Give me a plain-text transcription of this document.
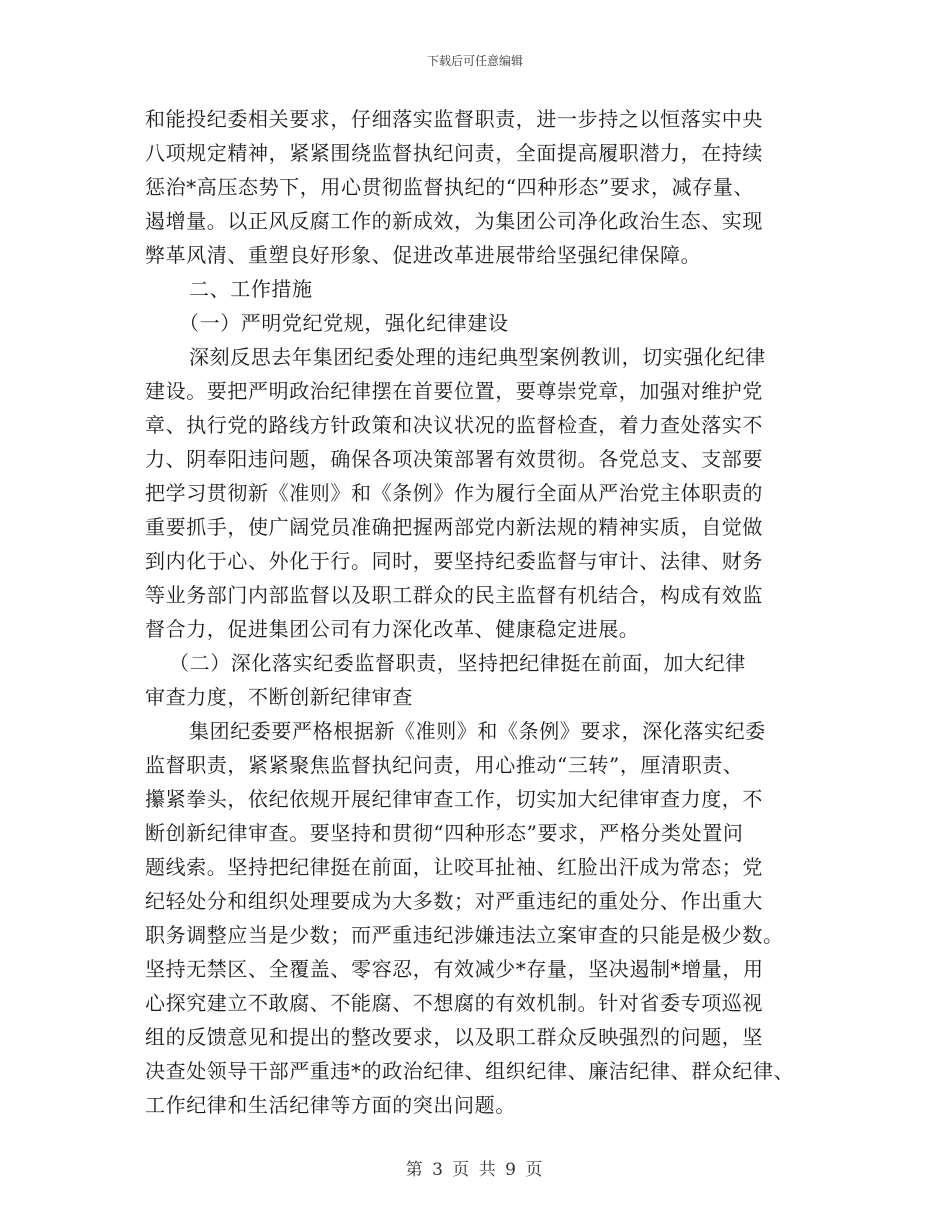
下载后可任意编辑
和能投纪委相关要求，仔细落实监督职责，进一步持之以恒落实中央
八项规定精神，紧紧围绕监督执纪问责，全面提高履职潜力，在持续
惩治*高压态势下，用心贯彻监督执纪的“四种形态”要求，减存量、
遏增量。以正风反腐工作的新成效，为集团公司净化政治生态、实现
弊革风清、重塑良好形象、促进改革进展带给坚强纪律保障。
二、工作措施
（一）严明党纪党规，强化纪律建设
深刻反思去年集团纪委处理的违纪典型案例教训，切实强化纪律
建设。要把严明政治纪律摆在首要位置，要尊崇党章，加强对维护党
章、执行党的路线方针政策和决议状况的监督检查，着力查处落实不
力、阴奉阳违问题，确保各项决策部署有效贯彻。各党总支、支部要
把学习贯彻新《准则》和《条例》作为履行全面从严治党主体职责的
重要抓手，使广阔党员准确把握两部党内新法规的精神实质，自觉做
到内化于心、外化于行。同时，要坚持纪委监督与审计、法律、财务
等业务部门内部监督以及职工群众的民主监督有机结合，构成有效监
督合力，促进集团公司有力深化改革、健康稳定进展。
（二）深化落实纪委监督职责，坚持把纪律挺在前面，加大纪律
审查力度，不断创新纪律审查
集团纪委要严格根据新《准则》和《条例》要求，深化落实纪委
监督职责，紧紧聚焦监督执纪问责，用心推动“三转”，厘清职责、
攥紧拳头，依纪依规开展纪律审查工作，切实加大纪律审查力度，不
断创新纪律审查。要坚持和贯彻“四种形态”要求，严格分类处置问
题线索。坚持把纪律挺在前面，让咬耳扯袖、红脸出汗成为常态；党
纪轻处分和组织处理要成为大多数；对严重违纪的重处分、作出重大
职务调整应当是少数；而严重违纪涉嫌违法立案审查的只能是极少数。
坚持无禁区、全覆盖、零容忍，有效减少*存量，坚决遏制*增量，用
心探究建立不敢腐、不能腐、不想腐的有效机制。针对省委专项巡视
组的反馈意见和提出的整改要求，以及职工群众反映强烈的问题，坚
决查处领导干部严重违*的政治纪律、组织纪律、廉洁纪律、群众纪律、
工作纪律和生活纪律等方面的突出问题。
第 3 页 共 9 页
